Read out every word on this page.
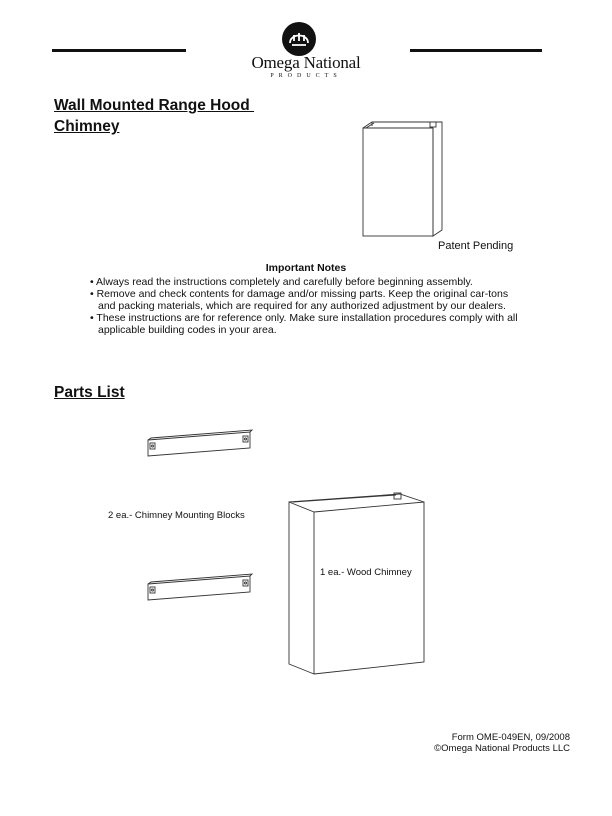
Omega National
PRODUCTS
Wall Mounted Range Hood
Chimney
Patent Pending
Important Notes
• Always read the instructions completely and carefully before beginning assembly.
• Remove and check contents for damage and/or missing parts. Keep the original car-tons and packing materials, which are required for any authorized adjustment by our dealers.
• These instructions are for reference only. Make sure installation procedures comply with all applicable building codes in your area.
Parts List
2 ea.- Chimney Mounting Blocks
1 ea.- Wood Chimney
Form OME-049EN, 09/2008
©Omega National Products LLC
